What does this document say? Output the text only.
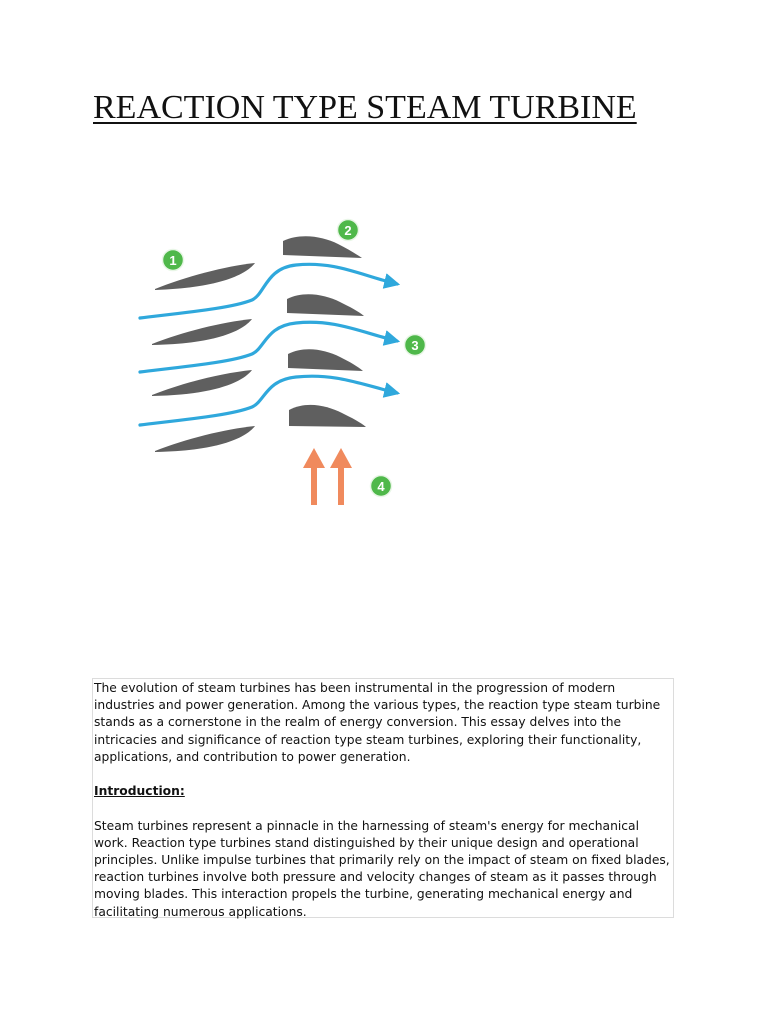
REACTION TYPE STEAM TURBINE
1
2
3
4

The evolution of steam turbines has been instrumental in the progression of modern industries and power generation. Among the various types, the reaction type steam turbine stands as a cornerstone in the realm of energy conversion. This essay delves into the intricacies and significance of reaction type steam turbines, exploring their functionality, applications, and contribution to power generation.

Introduction:

Steam turbines represent a pinnacle in the harnessing of steam's energy for mechanical work. Reaction type turbines stand distinguished by their unique design and operational principles. Unlike impulse turbines that primarily rely on the impact of steam on fixed blades, reaction turbines involve both pressure and velocity changes of steam as it passes through moving blades. This interaction propels the turbine, generating mechanical energy and facilitating numerous applications.
